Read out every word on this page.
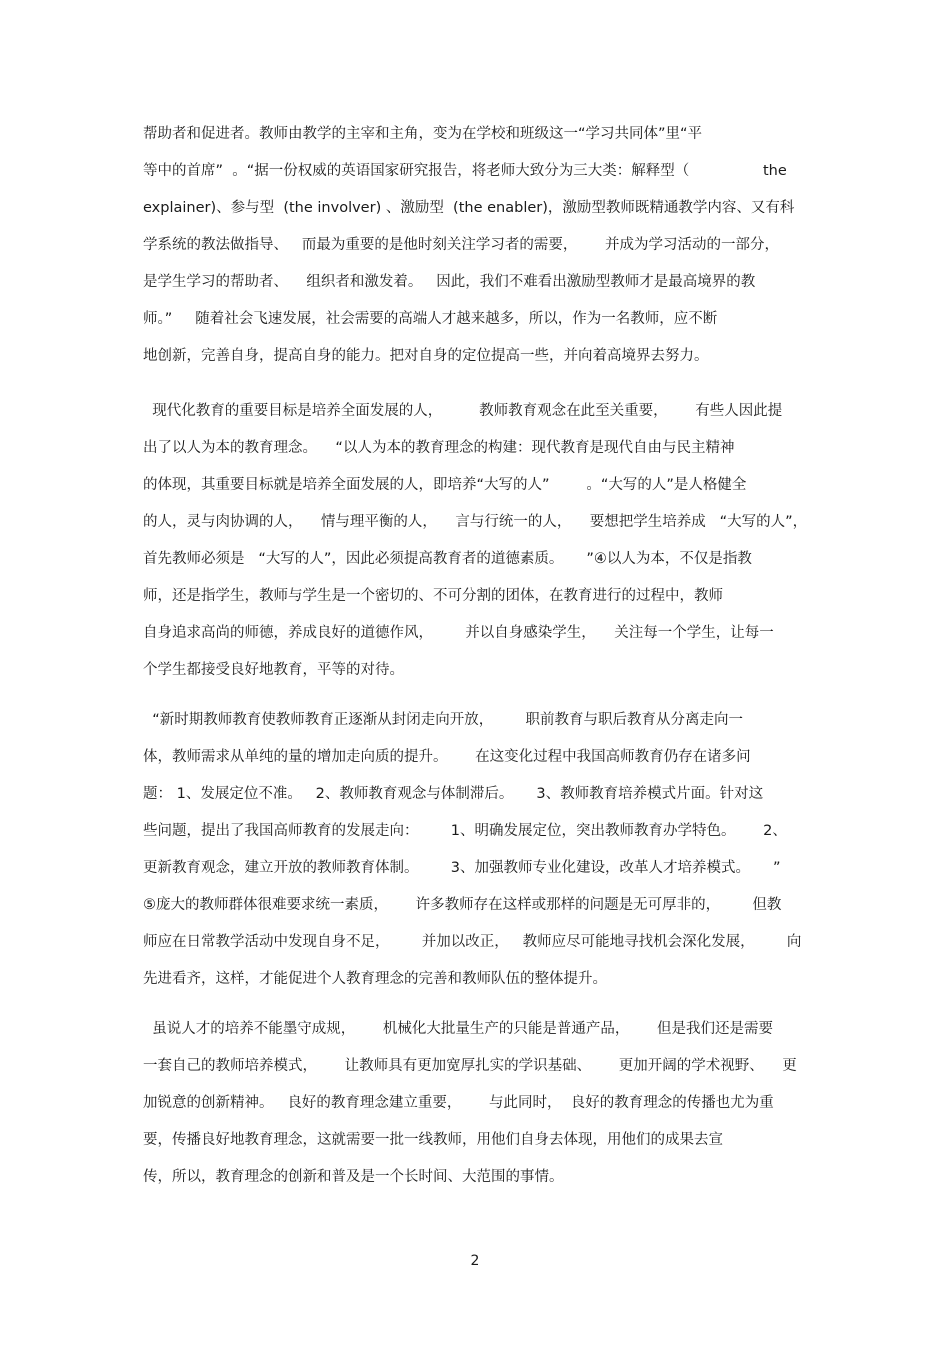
帮助者和促进者。教师由教学的主宰和主角，变为在学校和班级这一“学习共同体”里“平
等中的首席”  。“据一份权威的英语国家研究报告，将老师大致分为三大类：解释型（                the
explainer)、参与型  (the involver) 、激励型  (the enabler)，激励型教师既精通教学内容、又有科
学系统的教法做指导、   而最为重要的是他时刻关注学习者的需要，      并成为学习活动的一部分，
是学生学习的帮助者、    组织者和激发着。   因此，我们不难看出激励型教师才是最高境界的教
师。”     随着社会飞速发展，社会需要的高端人才越来越多，所以，作为一名教师，应不断
地创新，完善自身，提高自身的能力。把对自身的定位提高一些，并向着高境界去努力。
现代化教育的重要目标是培养全面发展的人，        教师教育观念在此至关重要，      有些人因此提
出了以人为本的教育理念。    “以人为本的教育理念的构建：现代教育是现代自由与民主精神
的体现，其重要目标就是培养全面发展的人，即培养“大写的人”        。“大写的人”是人格健全
的人，灵与肉协调的人，    情与理平衡的人，    言与行统一的人，    要想把学生培养成   “大写的人”，
首先教师必须是   “大写的人”，因此必须提高教育者的道德素质。     ”④以人为本，不仅是指教
师，还是指学生，教师与学生是一个密切的、不可分割的团体，在教育进行的过程中，教师
自身追求高尚的师德，养成良好的道德作风，       并以自身感染学生，    关注每一个学生，让每一
个学生都接受良好地教育，平等的对待。
“新时期教师教育使教师教育正逐渐从封闭走向开放，       职前教育与职后教育从分离走向一
体，教师需求从单纯的量的增加走向质的提升。      在这变化过程中我国高师教育仍存在诸多问
题： 1、发展定位不准。   2、教师教育观念与体制滞后。     3、教师教育培养模式片面。针对这
些问题，提出了我国高师教育的发展走向：       1、明确发展定位，突出教师教育办学特色。      2、
更新教育观念，建立开放的教师教育体制。       3、加强教师专业化建设，改革人才培养模式。     ”
⑤庞大的教师群体很难要求统一素质，      许多教师存在这样或那样的问题是无可厚非的，       但教
师应在日常教学活动中发现自身不足，       并加以改正，   教师应尽可能地寻找机会深化发展，       向
先进看齐，这样，才能促进个人教育理念的完善和教师队伍的整体提升。
虽说人才的培养不能墨守成规，      机械化大批量生产的只能是普通产品，      但是我们还是需要
一套自己的教师培养模式，      让教师具有更加宽厚扎实的学识基础、      更加开阔的学术视野、    更
加锐意的创新精神。   良好的教育理念建立重要，      与此同时，  良好的教育理念的传播也尤为重
要，传播良好地教育理念，这就需要一批一线教师，用他们自身去体现，用他们的成果去宣
传，所以，教育理念的创新和普及是一个长时间、大范围的事情。
2
